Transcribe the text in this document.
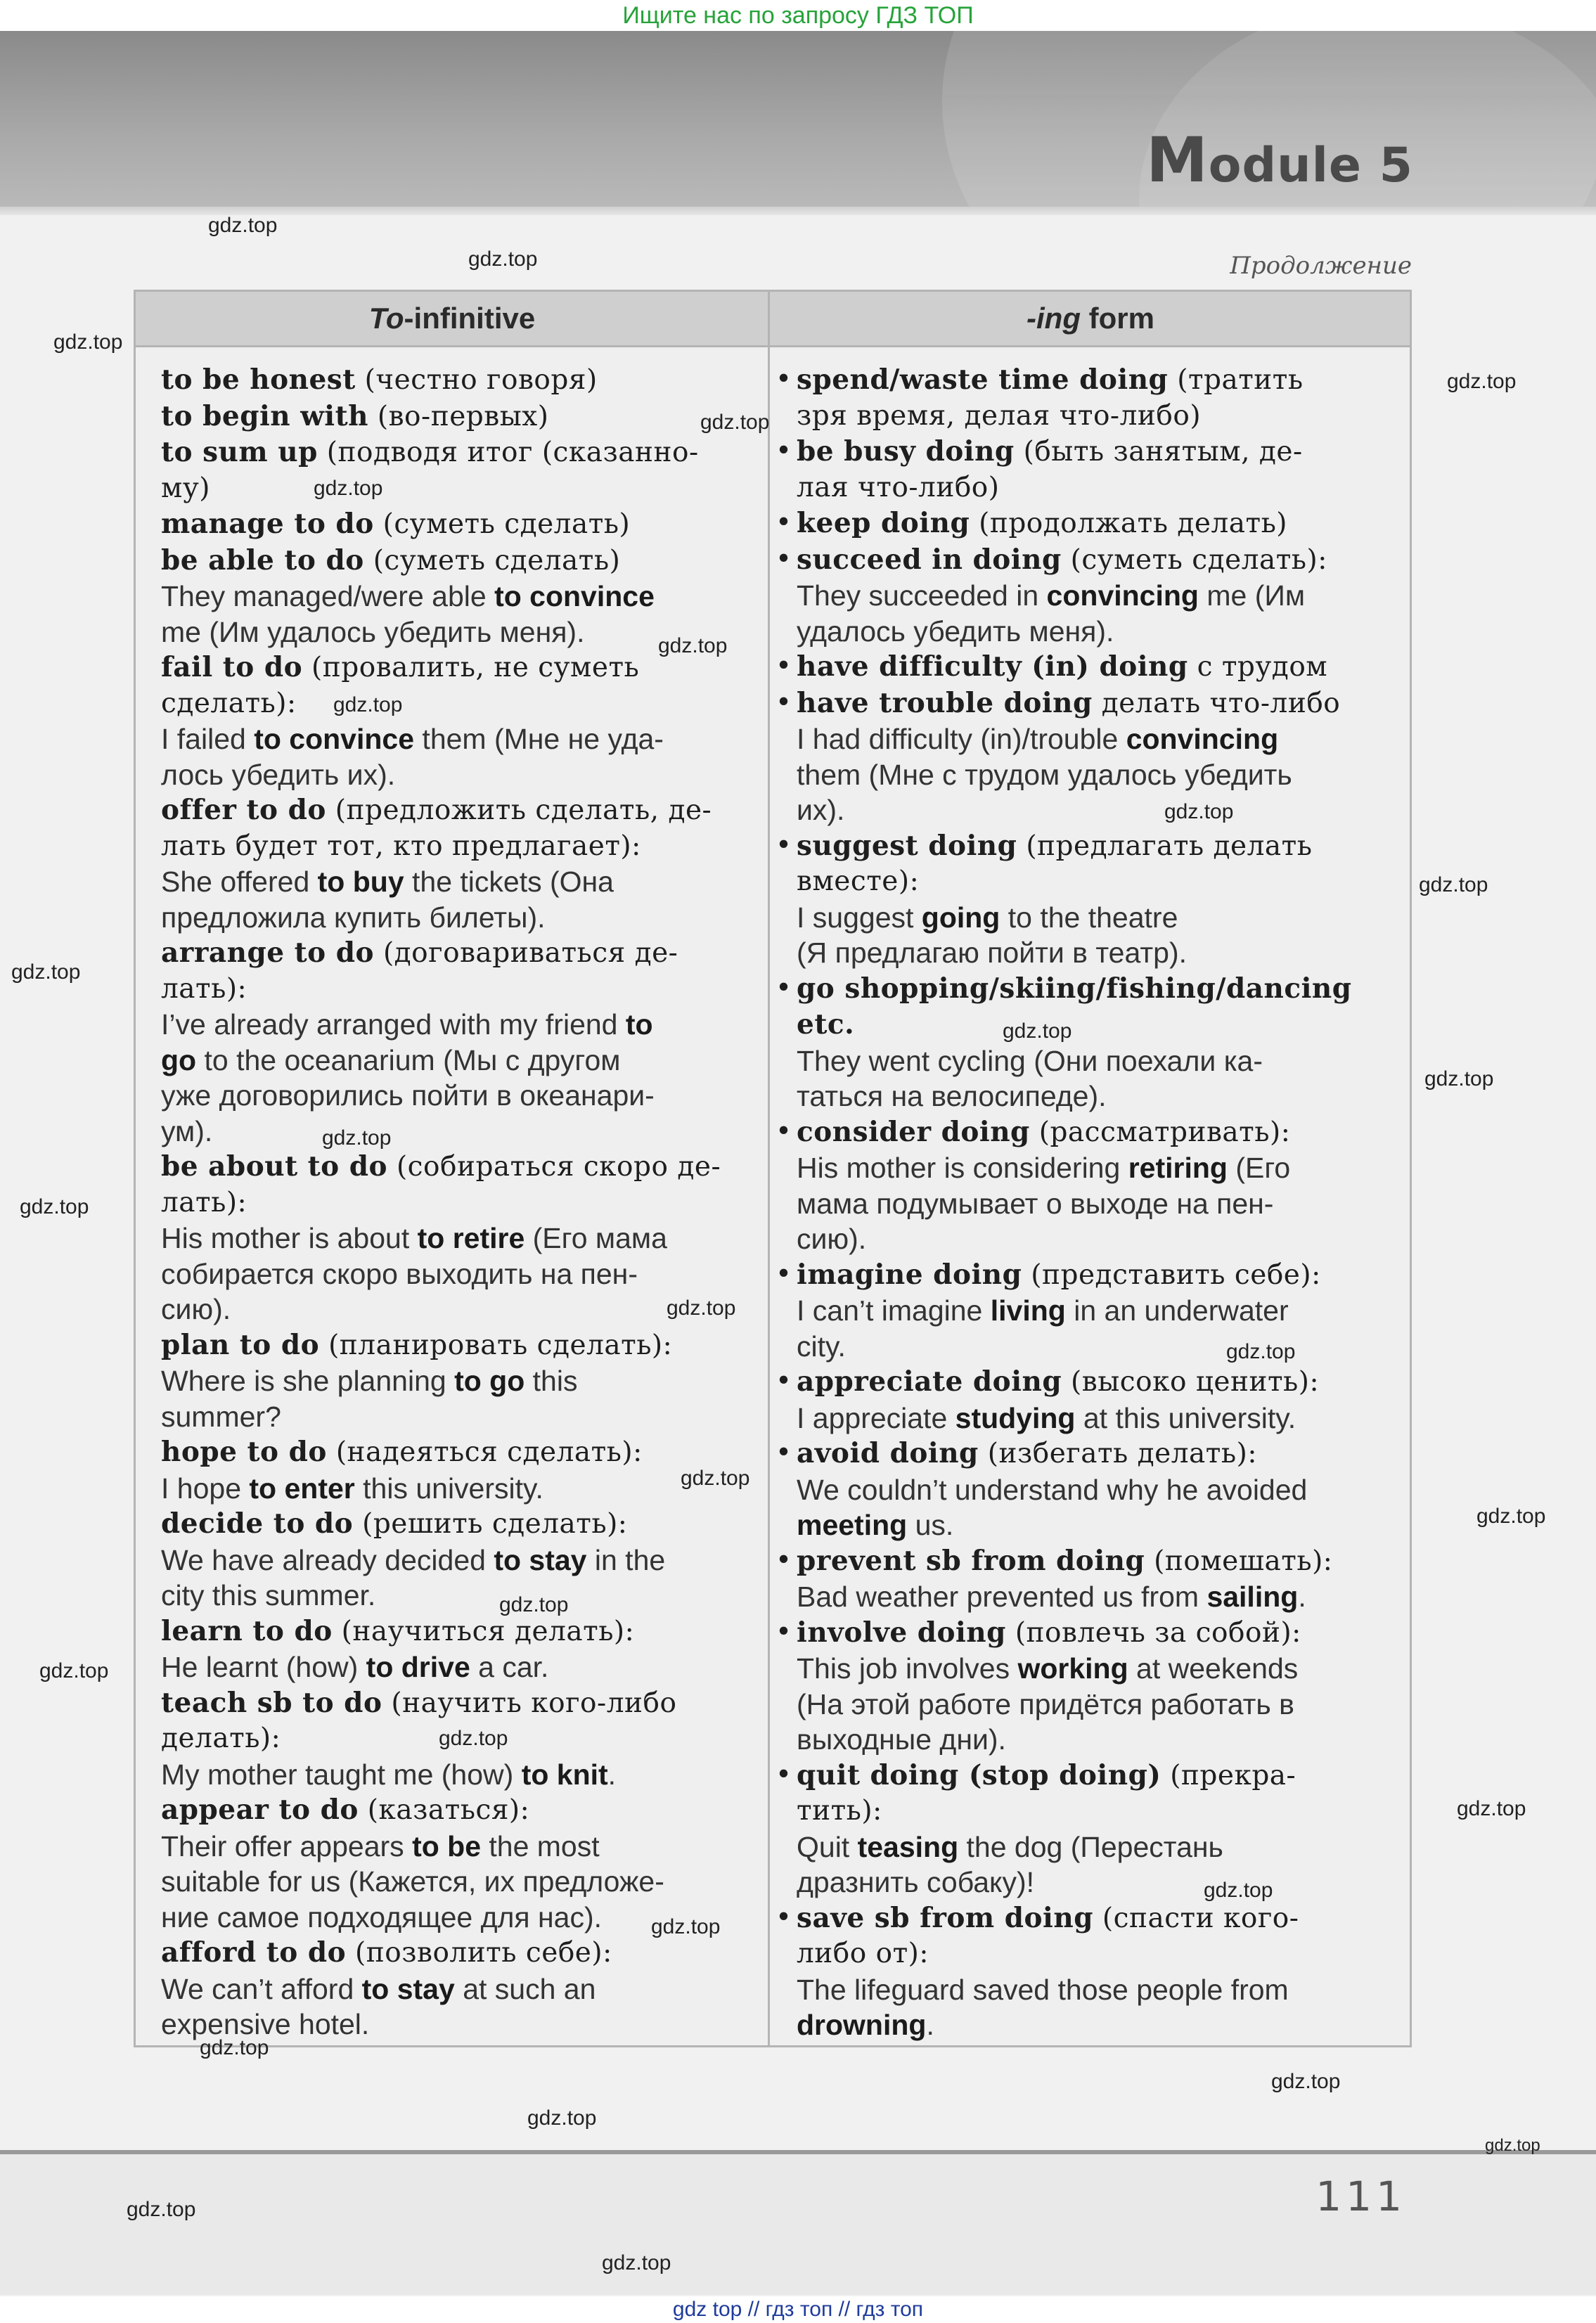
Ищите нас по запросу ГДЗ ТОП
Module 5
Продолжение
To-infinitive	-ing form
to be honest (честно говоря)
to begin with (во-первых)
to sum up (подводя итог (сказанно-
му)
manage to do (суметь сделать)
be able to do (суметь сделать)
They managed/were able to convince
me (Им удалось убедить меня).
fail to do (провалить, не суметь
сделать):
I failed to convince them (Мне не уда-
лось убедить их).
offer to do (предложить сделать, де-
лать будет тот, кто предлагает):
She offered to buy the tickets (Она
предложила купить билеты).
arrange to do (договариваться де-
лать):
I’ve already arranged with my friend to
go to the oceanarium (Мы с другом
уже договорились пойти в океанари-
ум).
be about to do (собираться скоро де-
лать):
His mother is about to retire (Его мама
собирается скоро выходить на пен-
сию).
plan to do (планировать сделать):
Where is she planning to go this
summer?
hope to do (надеяться сделать):
I hope to enter this university.
decide to do (решить сделать):
We have already decided to stay in the
city this summer.
learn to do (научиться делать):
He learnt (how) to drive a car.
teach sb to do (научить кого-либо
делать):
My mother taught me (how) to knit.
appear to do (казаться):
Their offer appears to be the most
suitable for us (Кажется, их предложе-
ние самое подходящее для нас).
afford to do (позволить себе):
We can’t afford to stay at such an
expensive hotel.
• spend/waste time doing (тратить
зря время, делая что-либо)
• be busy doing (быть занятым, де-
лая что-либо)
• keep doing (продолжать делать)
• succeed in doing (суметь сделать):
They succeeded in convincing me (Им
удалось убедить меня).
• have difficulty (in) doing с трудом
• have trouble doing делать что-либо
I had difficulty (in)/trouble convincing
them (Мне с трудом удалось убедить
их).
• suggest doing (предлагать делать
вместе):
I suggest going to the theatre
(Я предлагаю пойти в театр).
• go shopping/skiing/fishing/dancing
etc.
They went cycling (Они поехали ка-
таться на велосипеде).
• consider doing (рассматривать):
His mother is considering retiring (Его
мама подумывает о выходе на пен-
сию).
• imagine doing (представить себе):
I can’t imagine living in an underwater
city.
• appreciate doing (высоко ценить):
I appreciate studying at this university.
• avoid doing (избегать делать):
We couldn’t understand why he avoided
meeting us.
• prevent sb from doing (помешать):
Bad weather prevented us from sailing.
• involve doing (повлечь за собой):
This job involves working at weekends
(На этой работе придётся работать в
выходные дни).
• quit doing (stop doing) (прекра-
тить):
Quit teasing the dog (Перестань
дразнить собаку)!
• save sb from doing (спасти кого-
либо от):
The lifeguard saved those people from
drowning.
111
gdz top // гдз топ // гдз топ
gdz.top
gdz.top
gdz.top
gdz.top
gdz.top
gdz.top
gdz.top
gdz.top
gdz.top
gdz.top
gdz.top
gdz.top
gdz.top
gdz.top
gdz.top
gdz.top
gdz.top
gdz.top
gdz.top
gdz.top
gdz.top
gdz.top
gdz.top
gdz.top
gdz.top
gdz.top
gdz.top
gdz.top
gdz.top
gdz.top
gdz.top
